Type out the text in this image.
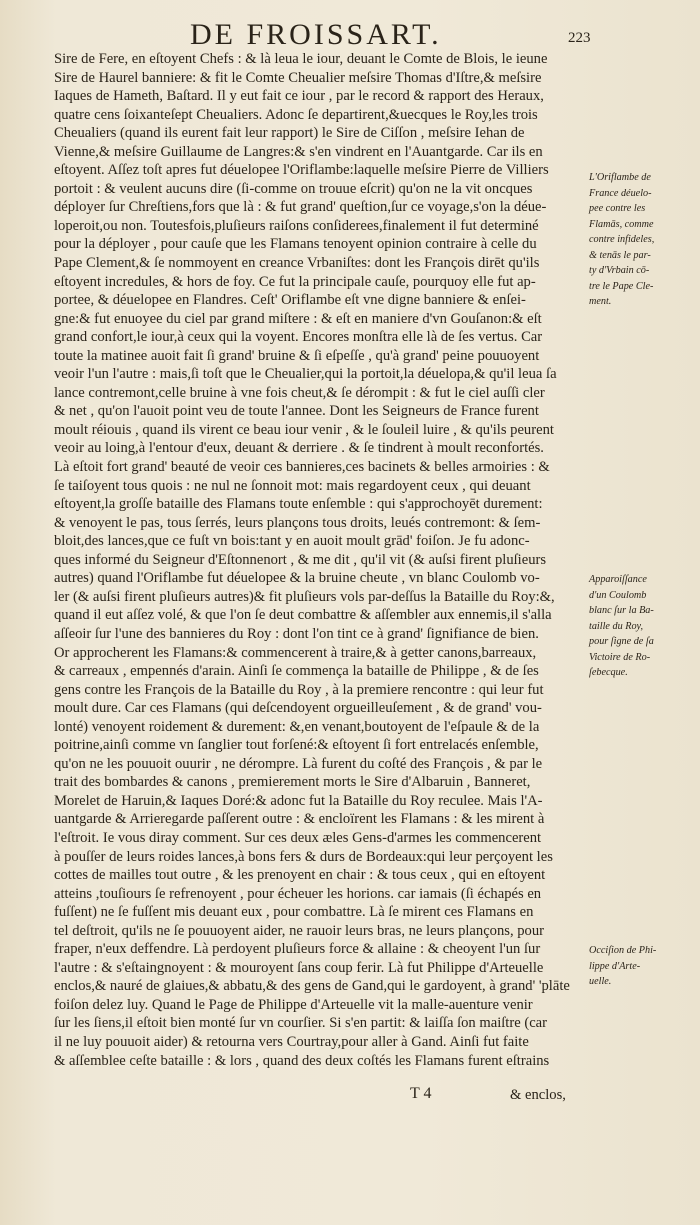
DE FROISSART.	223
Sire de Fere, en eſtoyent Chefs : & là leua le iour, deuant le Comte de Blois, le ieune
Sire de Haurel banniere: & fit le Comte Cheualier meſsire Thomas d'Iſtre,& meſsire
Iaques de Hameth, Baſtard. Il y eut fait ce iour , par le record & rapport des Heraux,
quatre cens ſoixanteſept Cheualiers. Adonc ſe departirent,&uecques le Roy,les trois
Cheualiers (quand ils eurent fait leur rapport) le Sire de Ciſſon , meſsire Iehan de
Vienne,& meſsire Guillaume de Langres:& s'en vindrent en l'Auantgarde. Car ils en
eſtoyent. Aſſez toſt apres fut déuelopee l'Oriflambe:laquelle meſsire Pierre de Villiers
portoit : & veulent aucuns dire (ſi-comme on trouue eſcrit) qu'on ne la vit oncques
déployer ſur Chreſtiens,fors que là : & fut grand' queſtion,ſur ce voyage,s'on la déue-
loperoit,ou non. Toutesfois,pluſieurs raiſons conſiderees,finalement il fut determiné
pour la déployer , pour cauſe que les Flamans tenoyent opinion contraire à celle du
Pape Clement,& ſe nommoyent en creance Vrbaniſtes: dont les François dirēt qu'ils
eſtoyent incredules, & hors de foy. Ce fut la principale cauſe, pourquoy elle fut ap-
portee, & déuelopee en Flandres. Ceſt' Oriflambe eſt vne digne banniere & enſei-
gne:& fut enuoyee du ciel par grand miſtere : & eſt en maniere d'vn Gouſanon:& eſt
grand confort,le iour,à ceux qui la voyent. Encores monſtra elle là de ſes vertus. Car
toute la matinee auoit fait ſi grand' bruine & ſi eſpeſſe , qu'à grand' peine pouuoyent
veoir l'un l'autre : mais,ſi toſt que le Cheualier,qui la portoit,la déuelopa,& qu'il leua ſa
lance contremont,celle bruine à vne fois cheut,& ſe dérompit : & fut le ciel auſſi cler
& net , qu'on l'auoit point veu de toute l'annee. Dont les Seigneurs de France furent
moult réiouis , quand ils virent ce beau iour venir , & le ſouleil luire , & qu'ils peurent
veoir au loing,à l'entour d'eux, deuant & derriere . & ſe tindrent à moult reconfortés.
Là eſtoit fort grand' beauté de veoir ces bannieres,ces bacinets & belles armoiries : &
ſe taiſoyent tous quois : ne nul ne ſonnoit mot: mais regardoyent ceux , qui deuant
eſtoyent,la groſſe bataille des Flamans toute enſemble : qui s'approchoyēt durement:
& venoyent le pas, tous ſerrés, leurs plançons tous droits, leués contremont: & ſem-
bloit,des lances,que ce fuſt vn bois:tant y en auoit moult grād' foiſon. Je fu adonc-
ques informé du Seigneur d'Eſtonnenort , & me dit , qu'il vit (& auſsi firent pluſieurs
autres) quand l'Oriflambe fut déuelopee & la bruine cheute , vn blanc Coulomb vo-
ler (& auſsi firent pluſieurs autres)& fit pluſieurs vols par-deſſus la Bataille du Roy:&,
quand il eut aſſez volé, & que l'on ſe deut combattre & aſſembler aux ennemis,il s'alla
aſſeoir ſur l'une des bannieres du Roy : dont l'on tint ce à grand' ſignifiance de bien.
Or approcherent les Flamans:& commencerent à traire,& à getter canons,barreaux,
& carreaux , empennés d'arain. Ainſi ſe commença la bataille de Philippe , & de ſes
gens contre les François de la Bataille du Roy , à la premiere rencontre : qui leur fut
moult dure. Car ces Flamans (qui deſcendoyent orgueilleuſement , & de grand' vou-
lonté) venoyent roidement & durement: &,en venant,boutoyent de l'eſpaule & de la
poitrine,ainſi comme vn ſanglier tout forſené:& eſtoyent ſi fort entrelacés enſemble,
qu'on ne les pouuoit ouurir , ne dérompre. Là furent du coſté des François , & par le
trait des bombardes & canons , premierement morts le Sire d'Albaruin , Banneret,
Morelet de Haruin,& Iaques Doré:& adonc fut la Bataille du Roy reculee. Mais l'A-
uantgarde & Arrieregarde paſſerent outre : & encloïrent les Flamans : & les mirent à
l'eſtroit. Ie vous diray comment. Sur ces deux æles Gens-d'armes les commencerent
à pouſſer de leurs roides lances,à bons fers & durs de Bordeaux:qui leur perçoyent les
cottes de mailles tout outre , & les prenoyent en chair : & tous ceux , qui en eſtoyent
atteins ,touſiours ſe refrenoyent , pour écheuer les horions. car iamais (ſi échapés en
fuſſent) ne ſe fuſſent mis deuant eux , pour combattre. Là ſe mirent ces Flamans en
tel deſtroit, qu'ils ne ſe pouuoyent aider, ne rauoir leurs bras, ne leurs plançons, pour
fraper, n'eux deffendre. Là perdoyent pluſieurs force & allaine : & cheoyent l'un ſur
l'autre : & s'eſtaingnoyent : & mouroyent ſans coup ferir. Là fut Philippe d'Arteuelle
enclos,& nauré de glaiues,& abbatu,& des gens de Gand,qui le gardoyent, à grand' 'plāte
foiſon delez luy. Quand le Page de Philippe d'Arteuelle vit la malle-auenture venir
ſur les ſiens,il eſtoit bien monté ſur vn courſier. Si s'en partit: & laiſſa ſon maiſtre (car
il ne luy pouuoit aider) & retourna vers Courtray,pour aller à Gand. Ainſi fut faite
& aſſemblee ceſte bataille : & lors , quand des deux coſtés les Flamans furent eſtrains
L'Oriflambe de
France déuelo-
pee contre les
Flamās, comme
contre infideles,
& tenās le par-
ty d'Vrbain cō-
tre le Pape Cle-
ment.
Apparoiſſance
d'un Coulomb
blanc ſur la Ba-
taille du Roy,
pour ſigne de ſa
Victoire de Ro-
ſebecque.
Occiſion de Phi-
lippe d'Arte-
uelle.
T 4	& enclos,
